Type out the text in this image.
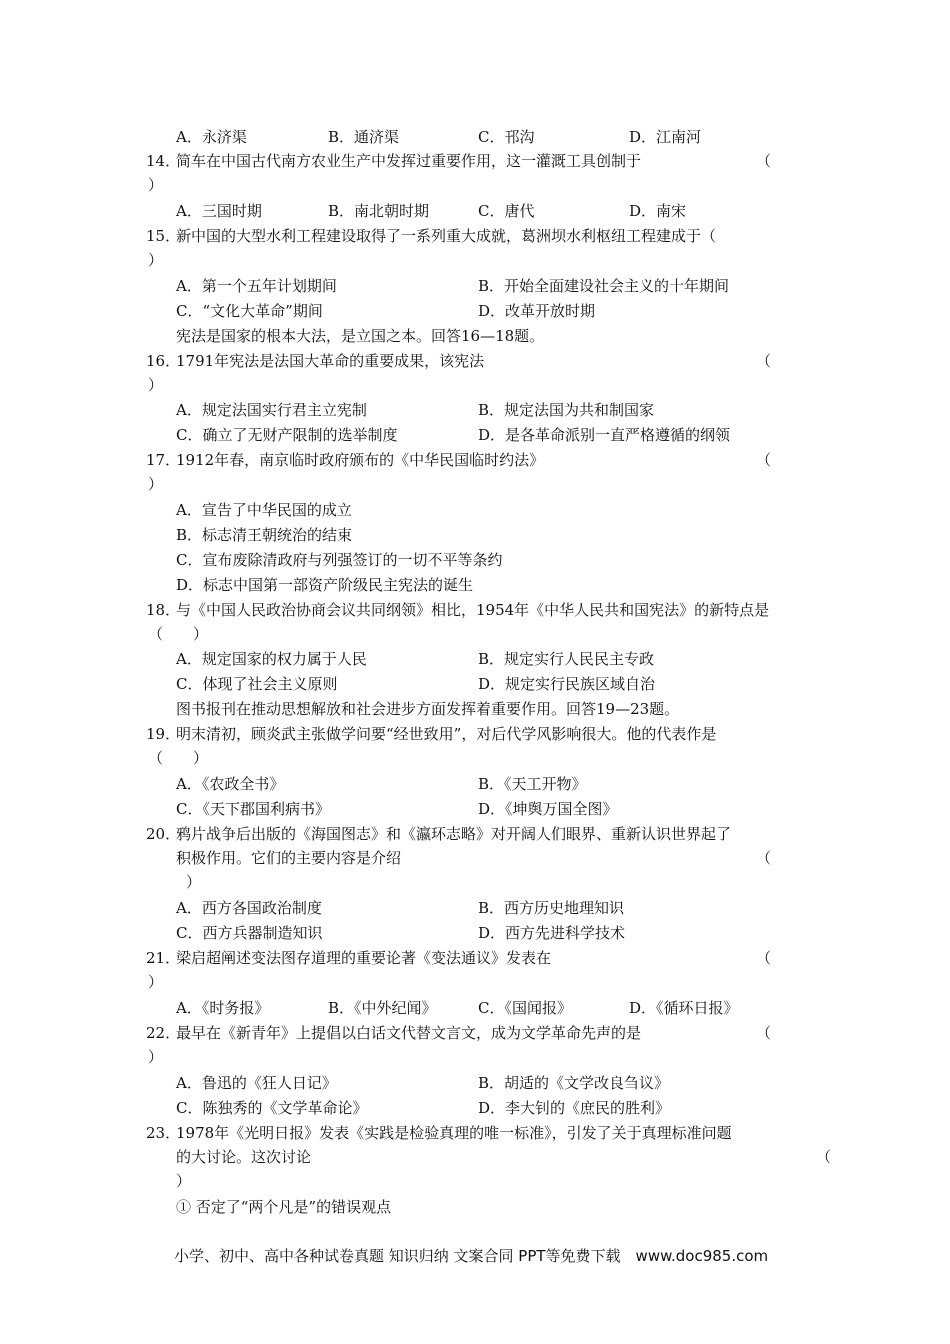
A．永济渠	B．通济渠	C．邗沟	D．江南河
14．
简车在中国古代南方农业生产中发挥过重要作用，这一灌溉工具创制于	（
）
A．三国时期	B．南北朝时期	C．唐代	D．南宋
15．
新中国的大型水利工程建设取得了一系列重大成就，葛洲坝水利枢纽工程建成于（
）
A．第一个五年计划期间	B．开始全面建设社会主义的十年期间
C．“文化大革命”期间	D．改革开放时期
宪法是国家的根本大法，是立国之本。回答16—18题。
16．
1791年宪法是法国大革命的重要成果，该宪法	（
）
A．规定法国实行君主立宪制	B．规定法国为共和制国家
C．确立了无财产限制的选举制度	D．是各革命派别一直严格遵循的纲领
17．
1912年春，南京临时政府颁布的《中华民国临时约法》	（
）
A．宣告了中华民国的成立
B．标志清王朝统治的结束
C．宣布废除清政府与列强签订的一切不平等条约
D．标志中国第一部资产阶级民主宪法的诞生
18．
与《中国人民政治协商会议共同纲领》相比，1954年《中华人民共和国宪法》的新特点是
（　　）
A．规定国家的权力属于人民	B．规定实行人民民主专政
C．体现了社会主义原则	D．规定实行民族区域自治
图书报刊在推动思想解放和社会进步方面发挥着重要作用。回答19—23题。
19．
明末清初，顾炎武主张做学问要“经世致用”，对后代学风影响很大。他的代表作是
（　　）
A．《农政全书》	B．《天工开物》
C．《天下郡国利病书》	D．《坤舆万国全图》
20．
鸦片战争后出版的《海国图志》和《瀛环志略》对开阔人们眼界、重新认识世界起了
积极作用。它们的主要内容是介绍	（
）
A．西方各国政治制度	B．西方历史地理知识
C．西方兵器制造知识	D．西方先进科学技术
21．
梁启超阐述变法图存道理的重要论著《变法通议》发表在	（
）
A．《时务报》	B．《中外纪闻》	C．《国闻报》	D．《循环日报》
22．
最早在《新青年》上提倡以白话文代替文言文，成为文学革命先声的是	（
）
A．鲁迅的《狂人日记》	B．胡适的《文学改良刍议》
C．陈独秀的《文学革命论》	D．李大钊的《庶民的胜利》
23．
1978年《光明日报》发表《实践是检验真理的唯一标准》，引发了关于真理标准问题
的大讨论。这次讨论	（
）
① 否定了“两个凡是”的错误观点
小学、初中、高中各种试卷真题 知识归纳 文案合同 PPT等免费下载　www.doc985.com
